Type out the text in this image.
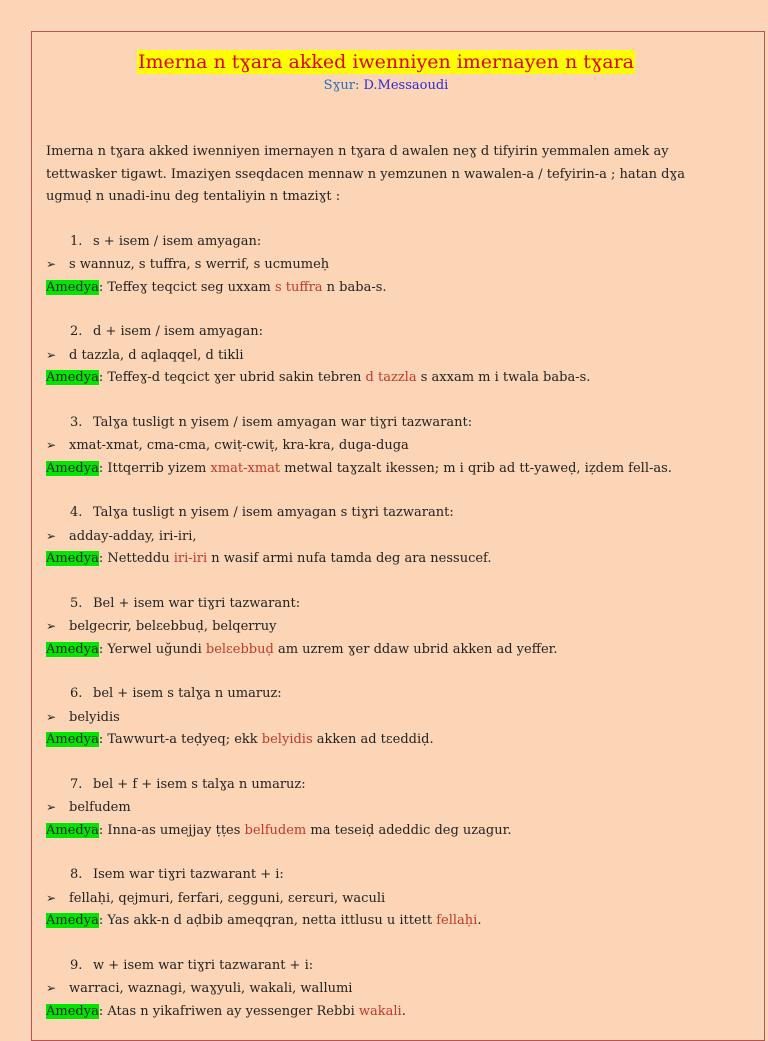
Imerna n tɣara akked iwenniyen imernayen n tɣara
Sɣur: D.Messaoudi
Imerna n tɣara akked iwenniyen imernayen n tɣara d awalen neɣ d tifyirin yemmalen amek ay tettwasker tigawt. Imaziɣen sseqdacen mennaw n yemzunen n wawalen-a / tefyirin-a ; hatan dɣa ugmuḍ n unadi-inu deg tentaliyin n tmaziɣt :
1. s + isem / isem amyagan:
➢ s wannuz, s tuffra, s werrif, s ucmumeḥ
Amedya: Teffeɣ teqcict seg uxxam s tuffra n baba-s.
2. d + isem / isem amyagan:
➢ d tazzla, d aqlaqqel, d tikli
Amedya: Teffeɣ-d teqcict ɣer ubrid sakin tebren d tazzla s axxam m i twala baba-s.
3. Talɣa tusligt n yisem / isem amyagan war tiɣri tazwarant:
➢ xmat-xmat, cma-cma, cwiṭ-cwiṭ, kra-kra, duga-duga
Amedya: Ittqerrib yizem xmat-xmat metwal taɣzalt ikessen; m i qrib ad tt-yaweḍ, iẓdem fell-as.
4. Talɣa tusligt n yisem / isem amyagan s tiɣri tazwarant:
➢ adday-adday, iri-iri,
Amedya: Netteddu iri-iri n wasif armi nufa tamda deg ara nessucef.
5. Bel + isem war tiɣri tazwarant:
➢ belgecrir, belɛebbuḍ, belqerruy
Amedya: Yerwel uğundi belɛebbuḍ am uzrem ɣer ddaw ubrid akken ad yeffer.
6. bel + isem s talɣa n umaruz:
➢ belyidis
Amedya: Tawwurt-a teḍyeq; ekk belyidis akken ad tɛeddiḍ.
7. bel + f + isem s talɣa n umaruz:
➢ belfudem
Amedya: Inna-as umejjay ṭṭes belfudem ma teseiḍ adeddic deg uzagur.
8. Isem war tiɣri tazwarant + i:
➢ fellaḥi, qejmuri, ferfari, ɛegguni, ɛerɛuri, waculi
Amedya: Yas akk-n d aḍbib ameqqran, netta ittlusu u ittett fellaḥi.
9. w + isem war tiɣri tazwarant + i:
➢ warraci, waznagi, waɣyuli, wakali, wallumi
Amedya: Atas n yikafriwen ay yessenger Rebbi wakali.
